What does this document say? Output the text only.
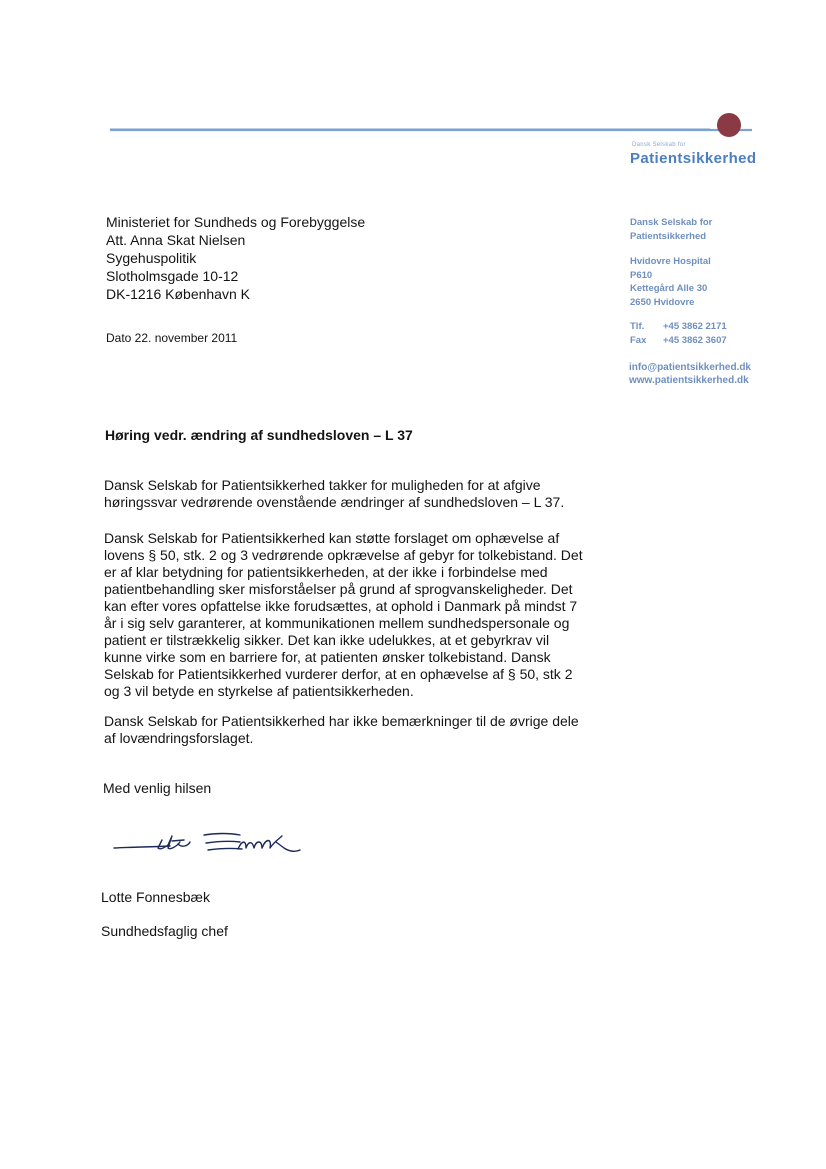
Dansk Selskab for
Patientsikkerhed
Ministeriet for Sundheds og Forebyggelse
Att. Anna Skat Nielsen
Sygehuspolitik
Slotholmsgade 10-12
DK-1216 København K
Dato 22. november 2011
Dansk Selskab for
Patientsikkerhed
Hvidovre Hospital
P610
Kettegård Alle 30
2650 Hvidovre
Tlf. +45 3862 2171
Fax +45 3862 3607
info@patientsikkerhed.dk
www.patientsikkerhed.dk
Høring vedr. ændring af sundhedsloven – L 37
Dansk Selskab for Patientsikkerhed takker for muligheden for at afgive
høringssvar vedrørende ovenstående ændringer af sundhedsloven – L 37.
Dansk Selskab for Patientsikkerhed kan støtte forslaget om ophævelse af
lovens § 50, stk. 2 og 3 vedrørende opkrævelse af gebyr for tolkebistand. Det
er af klar betydning for patientsikkerheden, at der ikke i forbindelse med
patientbehandling sker misforståelser på grund af sprogvanskeligheder. Det
kan efter vores opfattelse ikke forudsættes, at ophold i Danmark på mindst 7
år i sig selv garanterer, at kommunikationen mellem sundhedspersonale og
patient er tilstrækkelig sikker. Det kan ikke udelukkes, at et gebyrkrav vil
kunne virke som en barriere for, at patienten ønsker tolkebistand. Dansk
Selskab for Patientsikkerhed vurderer derfor, at en ophævelse af § 50, stk 2
og 3 vil betyde en styrkelse af patientsikkerheden.
Dansk Selskab for Patientsikkerhed har ikke bemærkninger til de øvrige dele
af lovændringsforslaget.
Med venlig hilsen
Lotte Fonnesbæk
Sundhedsfaglig chef
